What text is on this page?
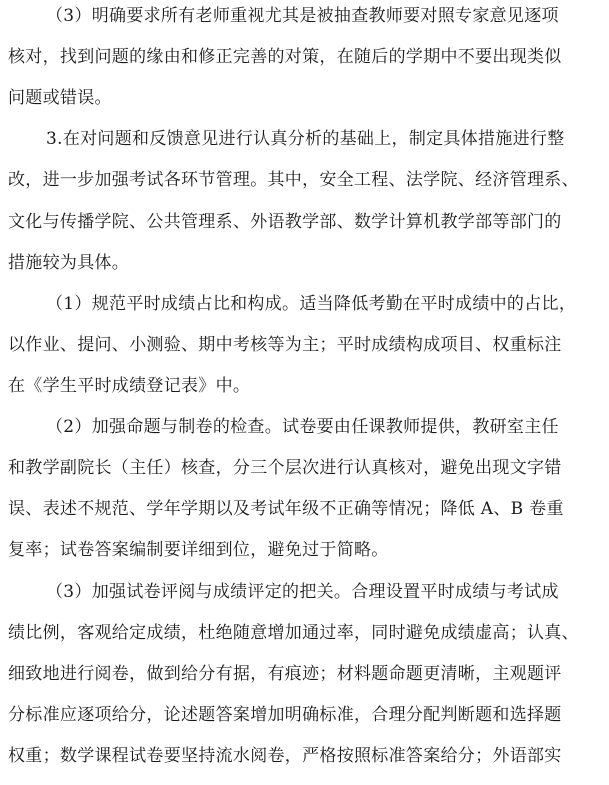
（3）明确要求所有老师重视尤其是被抽查教师要对照专家意见逐项
核对，找到问题的缘由和修正完善的对策，在随后的学期中不要出现类似
问题或错误。
3.在对问题和反馈意见进行认真分析的基础上，制定具体措施进行整
改，进一步加强考试各环节管理。其中，安全工程、法学院、经济管理系、
文化与传播学院、公共管理系、外语教学部、数学计算机教学部等部门的
措施较为具体。
（1）规范平时成绩占比和构成。适当降低考勤在平时成绩中的占比，
以作业、提问、小测验、期中考核等为主；平时成绩构成项目、权重标注
在《学生平时成绩登记表》中。
（2）加强命题与制卷的检查。试卷要由任课教师提供，教研室主任
和教学副院长（主任）核查，分三个层次进行认真核对，避免出现文字错
误、表述不规范、学年学期以及考试年级不正确等情况；降低 A、B 卷重
复率；试卷答案编制要详细到位，避免过于简略。
（3）加强试卷评阅与成绩评定的把关。合理设置平时成绩与考试成
绩比例，客观给定成绩，杜绝随意增加通过率，同时避免成绩虚高；认真、
细致地进行阅卷，做到给分有据，有痕迹；材料题命题更清晰，主观题评
分标准应逐项给分，论述题答案增加明确标准，合理分配判断题和选择题
权重；数学课程试卷要坚持流水阅卷，严格按照标准答案给分；外语部实
